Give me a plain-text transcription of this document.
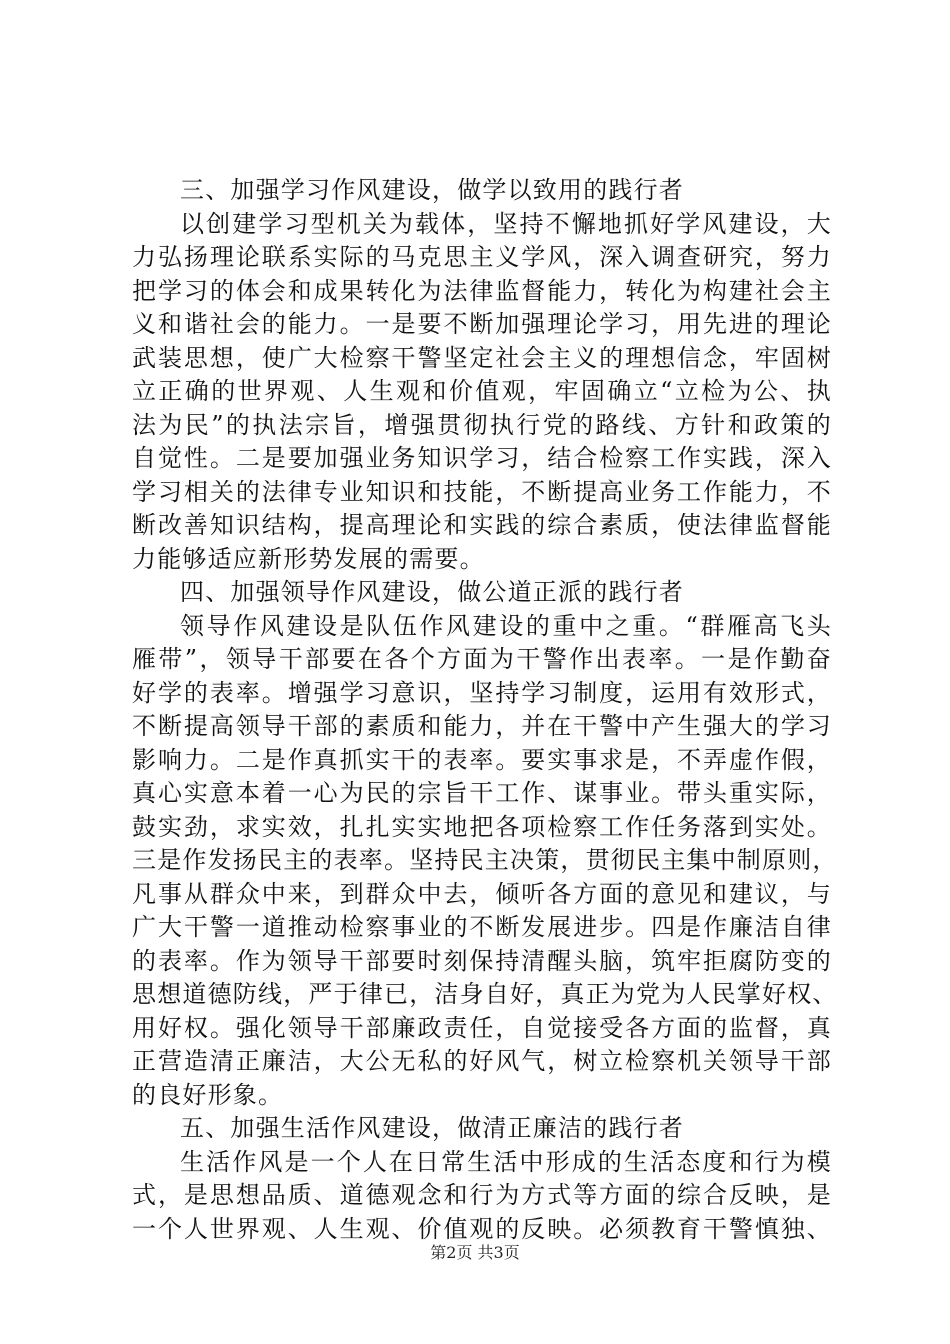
三、加强学习作风建设，做学以致用的践行者
以创建学习型机关为载体，坚持不懈地抓好学风建设，大
力弘扬理论联系实际的马克思主义学风，深入调查研究，努力
把学习的体会和成果转化为法律监督能力，转化为构建社会主
义和谐社会的能力。一是要不断加强理论学习，用先进的理论
武装思想，使广大检察干警坚定社会主义的理想信念，牢固树
立正确的世界观、人生观和价值观，牢固确立“立检为公、执
法为民”的执法宗旨，增强贯彻执行党的路线、方针和政策的
自觉性。二是要加强业务知识学习，结合检察工作实践，深入
学习相关的法律专业知识和技能，不断提高业务工作能力，不
断改善知识结构，提高理论和实践的综合素质，使法律监督能
力能够适应新形势发展的需要。
四、加强领导作风建设，做公道正派的践行者
领导作风建设是队伍作风建设的重中之重。“群雁高飞头
雁带”，领导干部要在各个方面为干警作出表率。一是作勤奋
好学的表率。增强学习意识，坚持学习制度，运用有效形式，
不断提高领导干部的素质和能力，并在干警中产生强大的学习
影响力。二是作真抓实干的表率。要实事求是，不弄虚作假，
真心实意本着一心为民的宗旨干工作、谋事业。带头重实际，
鼓实劲，求实效，扎扎实实地把各项检察工作任务落到实处。
三是作发扬民主的表率。坚持民主决策，贯彻民主集中制原则，
凡事从群众中来，到群众中去，倾听各方面的意见和建议，与
广大干警一道推动检察事业的不断发展进步。四是作廉洁自律
的表率。作为领导干部要时刻保持清醒头脑，筑牢拒腐防变的
思想道德防线，严于律已，洁身自好，真正为党为人民掌好权、
用好权。强化领导干部廉政责任，自觉接受各方面的监督，真
正营造清正廉洁，大公无私的好风气，树立检察机关领导干部
的良好形象。
五、加强生活作风建设，做清正廉洁的践行者
生活作风是一个人在日常生活中形成的生活态度和行为模
式，是思想品质、道德观念和行为方式等方面的综合反映，是
一个人世界观、人生观、价值观的反映。必须教育干警慎独、
第2页 共3页
